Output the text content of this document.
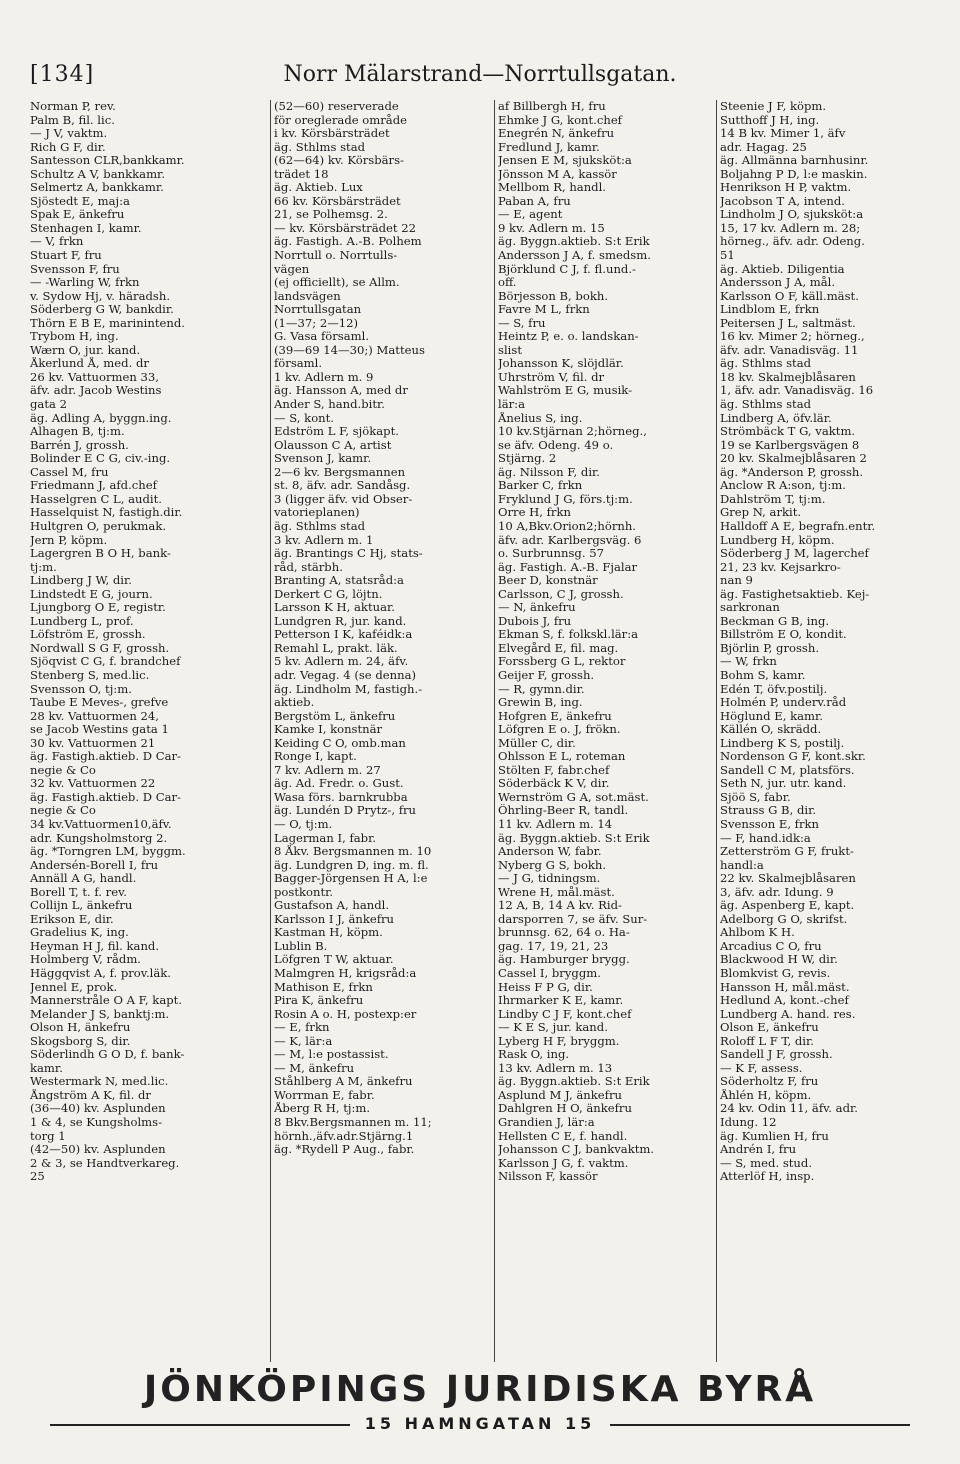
[134]	Norr Mälarstrand—Norrtullsgatan.
Norman P, rev.
Palm B, fil. lic.
— J V, vaktm.
Rich G F, dir.
Santesson CLR,bankkamr.
Schultz A V, bankkamr.
Selmertz A, bankkamr.
Sjöstedt E, maj:a
Spak E, änkefru
Stenhagen I, kamr.
— V, frkn
Stuart F, fru
Svensson F, fru
— -Warling W, frkn
v. Sydow Hj, v. häradsh.
Söderberg G W, bankdir.
Thörn E B E, marinintend.
Trybom H, ing.
Wærn O, jur. kand.
Åkerlund Å, med. dr
26 kv. Vattuormen 33,
äfv. adr. Jacob Westins
gata 2
äg. Adling A, byggn.ing.
Alhagen B, tj:m.
Barrén J, grossh.
Bolinder E C G, civ.-ing.
Cassel M, fru
Friedmann J, afd.chef
Hasselgren C L, audit.
Hasselquist N, fastigh.dir.
Hultgren O, perukmak.
Jern P, köpm.
Lagergren B O H, bank-
tj:m.
Lindberg J W, dir.
Lindstedt E G, journ.
Ljungborg O E, registr.
Lundberg L, prof.
Löfström E, grossh.
Nordwall S G F, grossh.
Sjöqvist C G, f. brandchef
Stenberg S, med.lic.
Svensson O, tj:m.
Taube E Meves-, grefve
28 kv. Vattuormen 24,
se Jacob Westins gata 1
30 kv. Vattuormen 21
äg. Fastigh.aktieb. D Car-
negie & Co
32 kv. Vattuormen 22
äg. Fastigh.aktieb. D Car-
negie & Co
34 kv.Vattuormen10,äfv.
adr. Kungsholmstorg 2.
äg. *Torngren LM, byggm.
Andersén-Borell I, fru
Annäll A G, handl.
Borell T, t. f. rev.
Collijn L, änkefru
Erikson E, dir.
Gradelius K, ing.
Heyman H J, fil. kand.
Holmberg V, rådm.
Häggqvist A, f. prov.läk.
Jennel E, prok.
Mannerstråle O A F, kapt.
Melander J S, banktj:m.
Olson H, änkefru
Skogsborg S, dir.
Söderlindh G O D, f. bank-
kamr.
Westermark N, med.lic.
Ångström A K, fil. dr
(36—40) kv. Asplunden
1 & 4, se Kungsholms-
torg 1
(42—50) kv. Asplunden
2 & 3, se Handtverkareg.
25
(52—60) reserverade
för oreglerade område
i kv. Körsbärsträdet
äg. Sthlms stad
(62—64) kv. Körsbärs-
trädet 18
äg. Aktieb. Lux
66 kv. Körsbärsträdet
21, se Polhemsg. 2.
— kv. Körsbärsträdet 22
äg. Fastigh. A.-B. Polhem
Norrtull o. Norrtulls-
vägen
(ej officiellt), se Allm.
landsvägen
Norrtullsgatan
(1—37; 2—12)
G. Vasa församl.
(39—69 14—30;) Matteus
församl.
1 kv. Adlern m. 9
äg. Hansson A, med dr
Ander S, hand.bitr.
— S, kont.
Edström L F, sjökapt.
Olausson C A, artist
Svenson J, kamr.
2—6 kv. Bergsmannen
st. 8, äfv. adr. Sandåsg.
3 (ligger äfv. vid Obser-
vatorieplanen)
äg. Sthlms stad
3 kv. Adlern m. 1
äg. Brantings C Hj, stats-
råd, stärbh.
Branting A, statsråd:a
Derkert C G, löjtn.
Larsson K H, aktuar.
Lundgren R, jur. kand.
Petterson I K, kaféidk:a
Remahl L, prakt. läk.
5 kv. Adlern m. 24, äfv.
adr. Vegag. 4 (se denna)
äg. Lindholm M, fastigh.-
aktieb.
Bergstöm L, änkefru
Kamke I, konstnär
Keiding C O, omb.man
Ronge I, kapt.
7 kv. Adlern m. 27
äg. Ad. Fredr. o. Gust.
Wasa förs. barnkrubba
äg. Lundén D Prytz-, fru
— O, tj:m.
Lagerman I, fabr.
8 Åkv. Bergsmannen m. 10
äg. Lundgren D, ing. m. fl.
Bagger-Jörgensen H A, l:e
postkontr.
Gustafson A, handl.
Karlsson I J, änkefru
Kastman H, köpm.
Lublin B.
Löfgren T W, aktuar.
Malmgren H, krigsråd:a
Mathison E, frkn
Pira K, änkefru
Rosin A o. H, postexp:er
— E, frkn
— K, lär:a
— M, l:e postassist.
— M, änkefru
Ståhlberg A M, änkefru
Worrman E, fabr.
Åberg R H, tj:m.
8 Bkv.Bergsmannen m. 11;
hörnh.,äfv.adr.Stjärng.1
äg. *Rydell P Aug., fabr.
af Billbergh H, fru
Ehmke J G, kont.chef
Enegrén N, änkefru
Fredlund J, kamr.
Jensen E M, sjuksköt:a
Jönsson M A, kassör
Mellbom R, handl.
Paban A, fru
— E, agent
9 kv. Adlern m. 15
äg. Byggn.aktieb. S:t Erik
Andersson J A, f. smedsm.
Björklund C J, f. fl.und.-
off.
Börjesson B, bokh.
Favre M L, frkn
— S, fru
Heintz P, e. o. landskan-
slist
Johansson K, slöjdlär.
Uhrström V, fil. dr
Wahlström E G, musik-
lär:a
Ånelius S, ing.
10 kv.Stjärnan 2;hörneg.,
se äfv. Odeng. 49 o.
Stjärng. 2
äg. Nilsson F, dir.
Barker C, frkn
Fryklund J G, förs.tj:m.
Orre H, frkn
10 A,Bkv.Orion2;hörnh.
äfv. adr. Karlbergsväg. 6
o. Surbrunnsg. 57
äg. Fastigh. A.-B. Fjalar
Beer D, konstnär
Carlsson, C J, grossh.
— N, änkefru
Dubois J, fru
Ekman S, f. folkskl.lär:a
Elvegård E, fil. mag.
Forssberg G L, rektor
Geijer F, grossh.
— R, gymn.dir.
Grewin B, ing.
Hofgren E, änkefru
Löfgren E o. J, frökn.
Müller C, dir.
Ohlsson E L, roteman
Stölten F, fabr.chef
Söderbäck K V, dir.
Wernström G A, sot.mäst.
Öhrling-Beer R, tandl.
11 kv. Adlern m. 14
äg. Byggn.aktieb. S:t Erik
Anderson W, fabr.
Nyberg G S, bokh.
— J G, tidningsm.
Wrene H, mål.mäst.
12 A, B, 14 A kv. Rid-
darsporren 7, se äfv. Sur-
brunnsg. 62, 64 o. Ha-
gag. 17, 19, 21, 23
äg. Hamburger brygg.
Cassel I, bryggm.
Heiss F P G, dir.
Ihrmarker K E, kamr.
Lindby C J F, kont.chef
— K E S, jur. kand.
Lyberg H F, bryggm.
Rask O, ing.
13 kv. Adlern m. 13
äg. Byggn.aktieb. S:t Erik
Asplund M J, änkefru
Dahlgren H O, änkefru
Grandien J, lär:a
Hellsten C E, f. handl.
Johansson C J, bankvaktm.
Karlsson J G, f. vaktm.
Nilsson F, kassör
Steenie J F, köpm.
Sutthoff J H, ing.
14 B kv. Mimer 1, äfv
adr. Hagag. 25
äg. Allmänna barnhusinr.
Boljahng P D, l:e maskin.
Henrikson H P, vaktm.
Jacobson T A, intend.
Lindholm J O, sjuksköt:a
15, 17 kv. Adlern m. 28;
hörneg., äfv. adr. Odeng.
51
äg. Aktieb. Diligentia
Andersson J A, mål.
Karlsson O F, käll.mäst.
Lindblom E, frkn
Peitersen J L, saltmäst.
16 kv. Mimer 2; hörneg.,
äfv. adr. Vanadisväg. 11
äg. Sthlms stad
18 kv. Skalmejblåsaren
1, äfv. adr. Vanadisväg. 16
äg. Sthlms stad
Lindberg A, öfv.lär.
Strömbäck T G, vaktm.
19 se Karlbergsvägen 8
20 kv. Skalmejblåsaren 2
äg. *Anderson P, grossh.
Anclow R A:son, tj:m.
Dahlström T, tj:m.
Grep N, arkit.
Halldoff A E, begrafn.entr.
Lundberg H, köpm.
Söderberg J M, lagerchef
21, 23 kv. Kejsarkro-
nan 9
äg. Fastighetsaktieb. Kej-
sarkronan
Beckman G B, ing.
Billström E O, kondit.
Björlin P, grossh.
— W, frkn
Bohm S, kamr.
Edén T, öfv.postilj.
Holmén P, underv.råd
Höglund E, kamr.
Källén O, skrädd.
Lindberg K S, postilj.
Nordenson G F, kont.skr.
Sandell C M, platsförs.
Seth N, jur. utr. kand.
Sjöö S, fabr.
Strauss G B, dir.
Svensson E, frkn
— F, hand.idk:a
Zetterström G F, frukt-
handl:a
22 kv. Skalmejblåsaren
3, äfv. adr. Idung. 9
äg. Aspenberg E, kapt.
Adelborg G O, skrifst.
Ahlbom K H.
Arcadius C O, fru
Blackwood H W, dir.
Blomkvist G, revis.
Hansson H, mål.mäst.
Hedlund A, kont.-chef
Lundberg A. hand. res.
Olson E, änkefru
Roloff L F T, dir.
Sandell J F, grossh.
— K F, assess.
Söderholtz F, fru
Åhlén H, köpm.
24 kv. Odin 11, äfv. adr.
Idung. 12
äg. Kumlien H, fru
Andrén I, fru
— S, med. stud.
Atterlöf H, insp.
JÖNKÖPINGS JURIDISKA BYRÅ
15 HAMNGATAN 15
